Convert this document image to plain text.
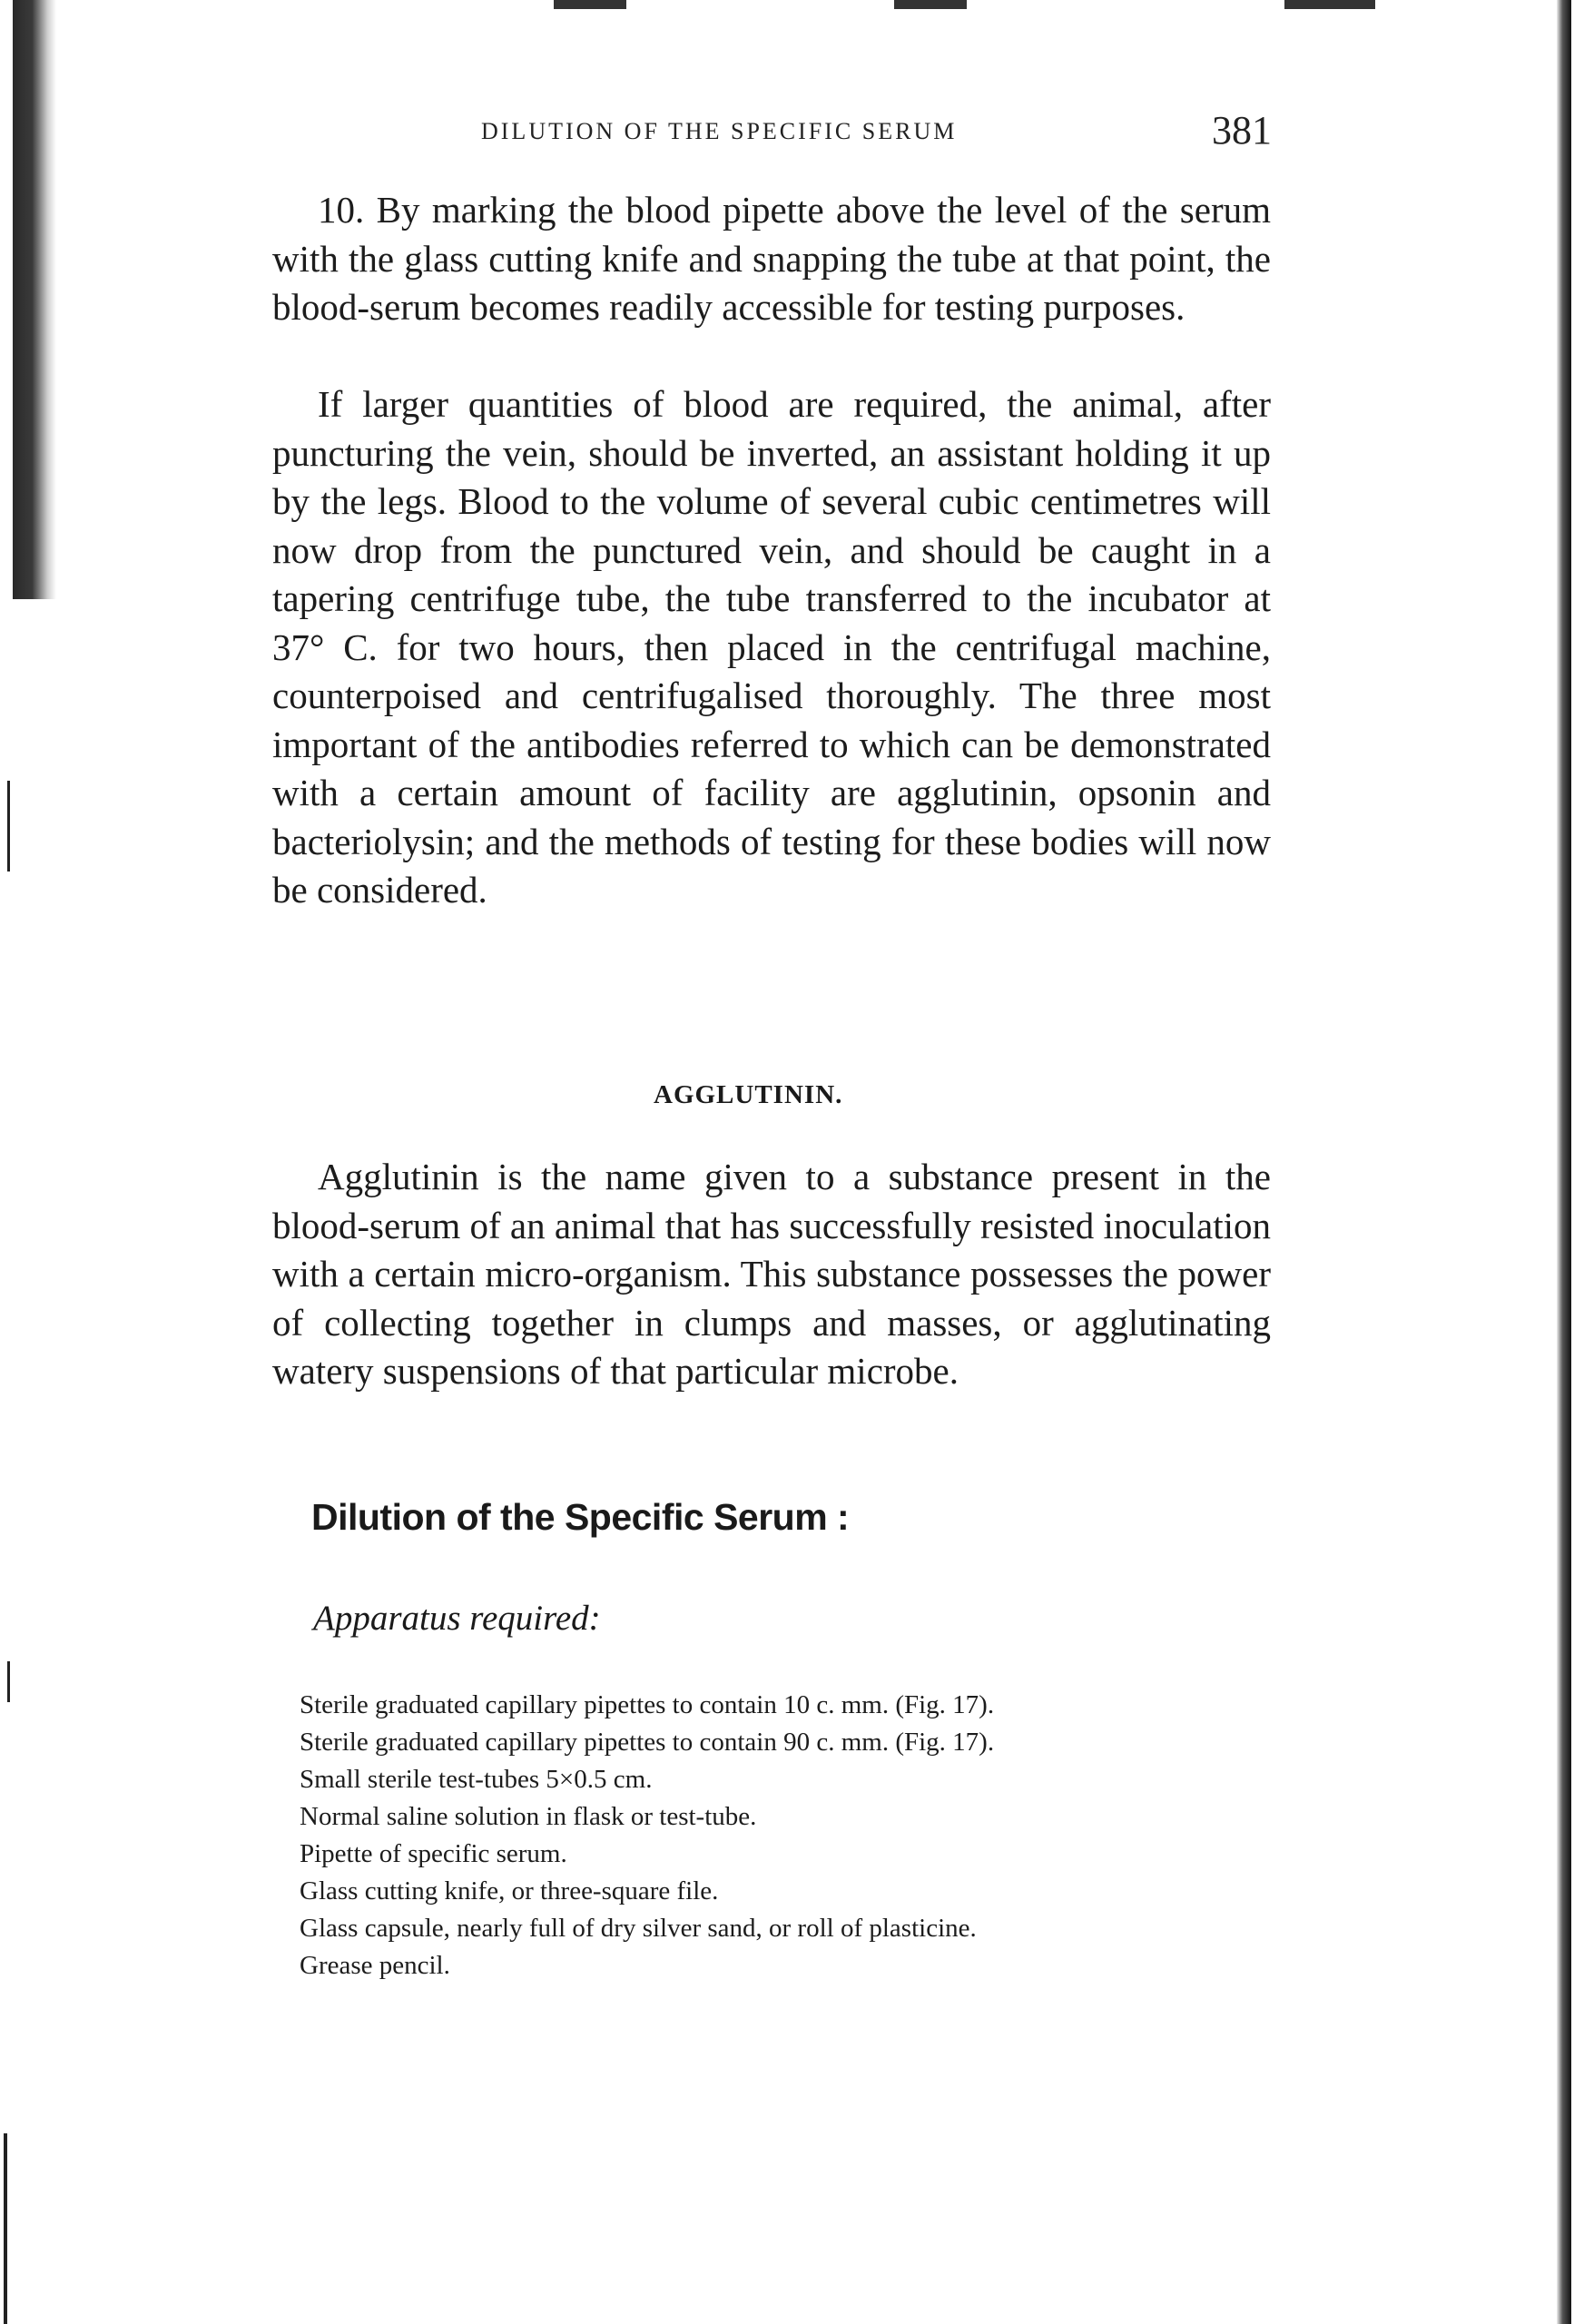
DILUTION OF THE SPECIFIC SERUM	381

10. By marking the blood pipette above the level of the serum with the glass cutting knife and snapping the tube at that point, the blood-serum becomes readily accessible for testing purposes.

If larger quantities of blood are required, the animal, after puncturing the vein, should be inverted, an assistant holding it up by the legs. Blood to the volume of several cubic centimetres will now drop from the punctured vein, and should be caught in a tapering centrifuge tube, the tube transferred to the incubator at 37° C. for two hours, then placed in the centrifugal machine, counterpoised and centrifugalised thoroughly. The three most important of the antibodies referred to which can be demonstrated with a certain amount of facility are agglutinin, opsonin and bacteriolysin; and the methods of testing for these bodies will now be considered.

AGGLUTININ.

Agglutinin is the name given to a substance present in the blood-serum of an animal that has successfully resisted inoculation with a certain micro-organism. This substance possesses the power of collecting together in clumps and masses, or agglutinating watery suspensions of that particular microbe.

Dilution of the Specific Serum :
Apparatus required:
Sterile graduated capillary pipettes to contain 10 c. mm. (Fig. 17).
Sterile graduated capillary pipettes to contain 90 c. mm. (Fig. 17).
Small sterile test-tubes 5×0.5 cm.
Normal saline solution in flask or test-tube.
Pipette of specific serum.
Glass cutting knife, or three-square file.
Glass capsule, nearly full of dry silver sand, or roll of plasticine.
Grease pencil.
